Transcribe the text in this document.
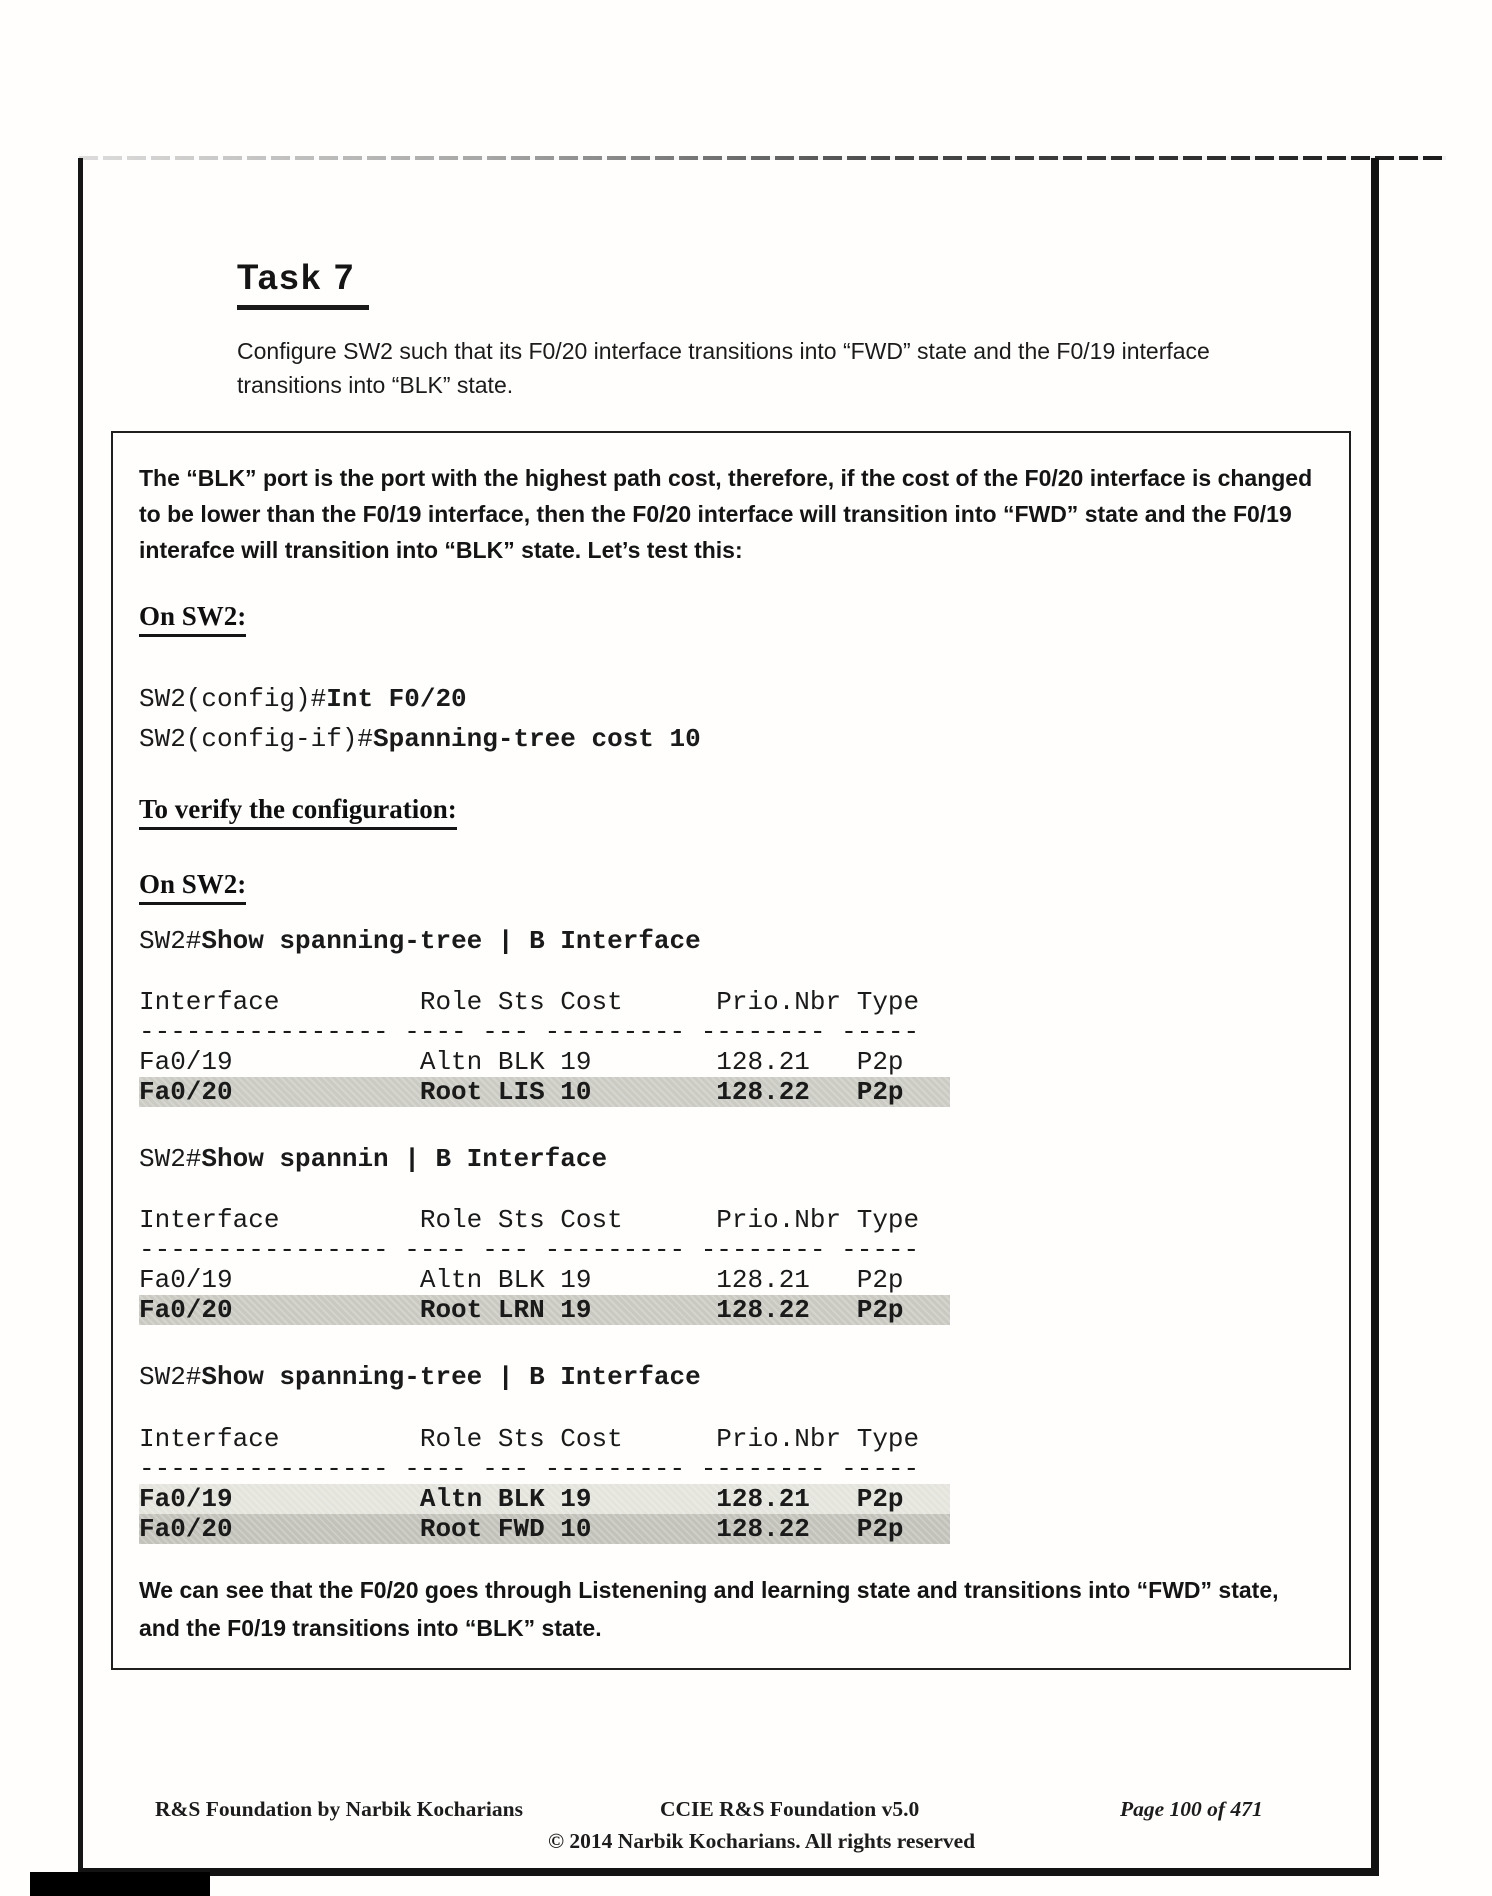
Task 7
Configure SW2 such that its F0/20 interface transitions into “FWD” state and the F0/19 interface transitions into “BLK” state.
The “BLK” port is the port with the highest path cost, therefore, if the cost of the F0/20 interface is changed to be lower than the F0/19 interface, then the F0/20 interface will transition into “FWD” state and the F0/19 interafce will transition into “BLK” state. Let’s test this:
On SW2:
SW2(config)#Int F0/20
SW2(config-if)#Spanning-tree cost 10
To verify the configuration:
On SW2:
SW2#Show spanning-tree | B Interface
Interface         Role Sts Cost      Prio.Nbr Type
---------------- ---- --- --------- -------- -----
Fa0/19            Altn BLK 19        128.21   P2p
Fa0/20            Root LIS 10        128.22   P2p
SW2#Show spannin | B Interface
Interface         Role Sts Cost      Prio.Nbr Type
---------------- ---- --- --------- -------- -----
Fa0/19            Altn BLK 19        128.21   P2p
Fa0/20            Root LRN 19        128.22   P2p
SW2#Show spanning-tree | B Interface
Interface         Role Sts Cost      Prio.Nbr Type
---------------- ---- --- --------- -------- -----
Fa0/19            Altn BLK 19        128.21   P2p
Fa0/20            Root FWD 10        128.22   P2p
We can see that the F0/20 goes through Listenening and learning state and transitions into “FWD” state, and the F0/19 transitions into “BLK” state.
R&S Foundation by Narbik Kocharians	CCIE R&S Foundation v5.0	Page 100 of 471
© 2014 Narbik Kocharians. All rights reserved
